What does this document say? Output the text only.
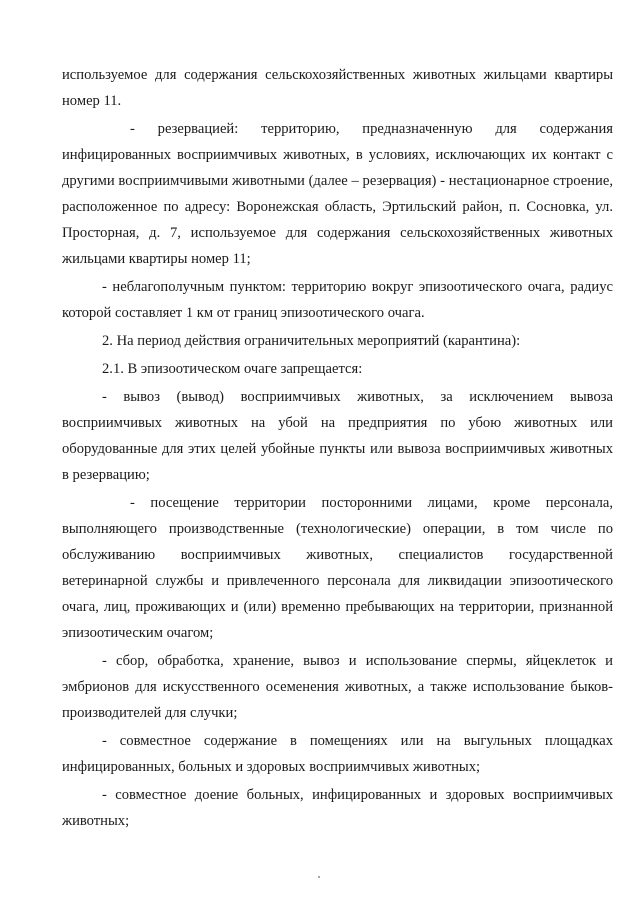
используемое для содержания сельскохозяйственных животных жильцами квартиры номер 11.

- резервацией: территорию, предназначенную для содержания инфицированных восприимчивых животных, в условиях, исключающих их контакт с другими восприимчивыми животными (далее – резервация) - нестационарное строение, расположенное по адресу: Воронежская область, Эртильский район, п. Сосновка, ул. Просторная, д. 7, используемое для содержания сельскохозяйственных животных жильцами квартиры номер 11;

- неблагополучным пунктом: территорию вокруг эпизоотического очага, радиус которой составляет 1 км от границ эпизоотического очага.

2. На период действия ограничительных мероприятий (карантина):

2.1. В эпизоотическом очаге запрещается:

- вывоз (вывод) восприимчивых животных, за исключением вывоза восприимчивых животных на убой на предприятия по убою животных или оборудованные для этих целей убойные пункты или вывоза восприимчивых животных в резервацию;

- посещение территории посторонними лицами, кроме персонала, выполняющего производственные (технологические) операции, в том числе по обслуживанию восприимчивых животных, специалистов государственной ветеринарной службы и привлеченного персонала для ликвидации эпизоотического очага, лиц, проживающих и (или) временно пребывающих на территории, признанной эпизоотическим очагом;

- сбор, обработка, хранение, вывоз и использование спермы, яйцеклеток и эмбрионов для искусственного осеменения животных, а также использование быков-производителей для случки;

- совместное содержание в помещениях или на выгульных площадках инфицированных, больных и здоровых восприимчивых животных;

- совместное доение больных, инфицированных и здоровых восприимчивых животных;
